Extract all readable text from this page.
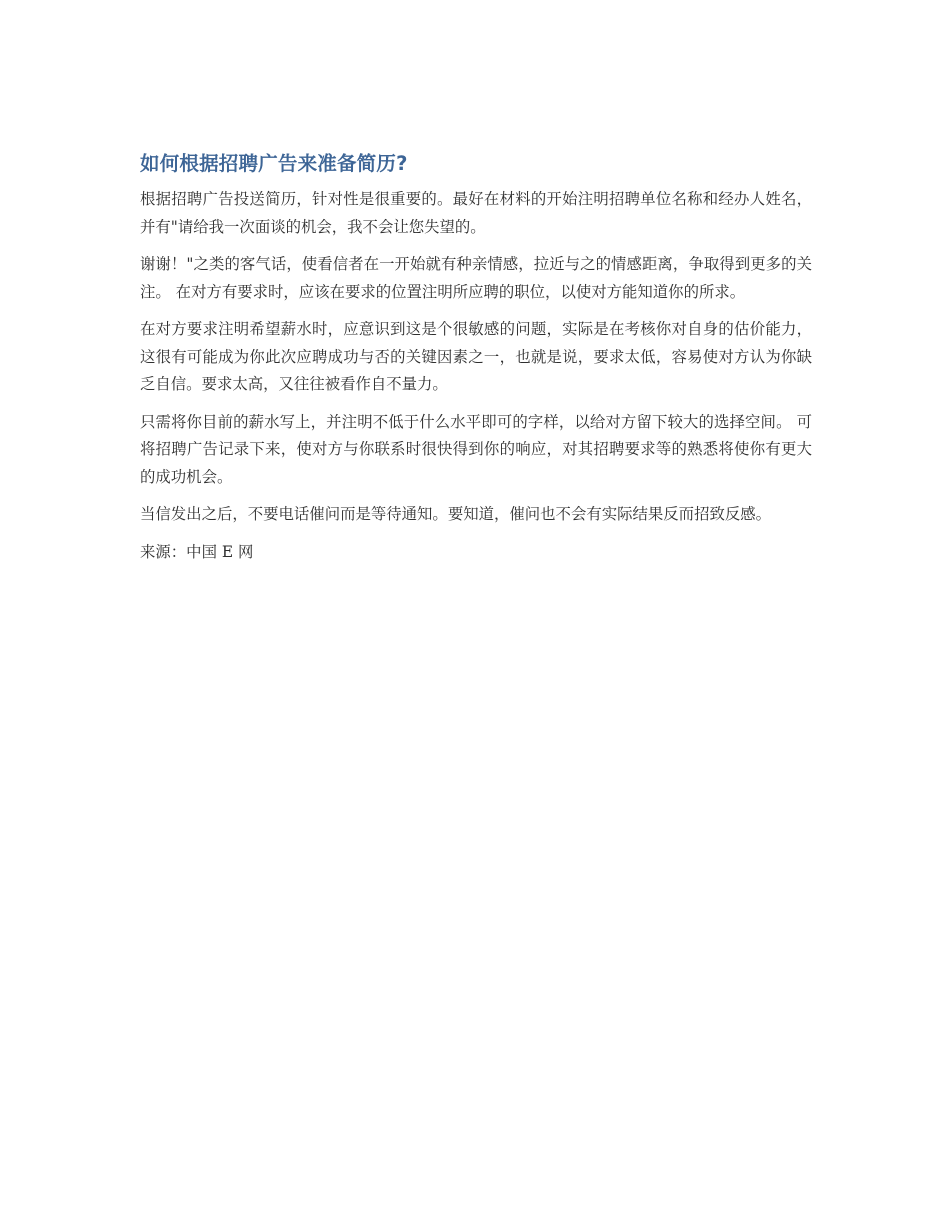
如何根据招聘广告来准备简历?

根据招聘广告投送简历，针对性是很重要的。最好在材料的开始注明招聘单位名称和经办人姓名，并有"请给我一次面谈的机会，我不会让您失望的。

谢谢！"之类的客气话，使看信者在一开始就有种亲情感，拉近与之的情感距离，争取得到更多的关注。 在对方有要求时，应该在要求的位置注明所应聘的职位，以使对方能知道你的所求。

在对方要求注明希望薪水时，应意识到这是个很敏感的问题，实际是在考核你对自身的估价能力，这很有可能成为你此次应聘成功与否的关键因素之一，也就是说，要求太低，容易使对方认为你缺乏自信。要求太高，又往往被看作自不量力。

只需将你目前的薪水写上，并注明不低于什么水平即可的字样，以给对方留下较大的选择空间。 可将招聘广告记录下来，使对方与你联系时很快得到你的响应，对其招聘要求等的熟悉将使你有更大的成功机会。

当信发出之后，不要电话催问而是等待通知。要知道，催问也不会有实际结果反而招致反感。

来源：中国 E 网
